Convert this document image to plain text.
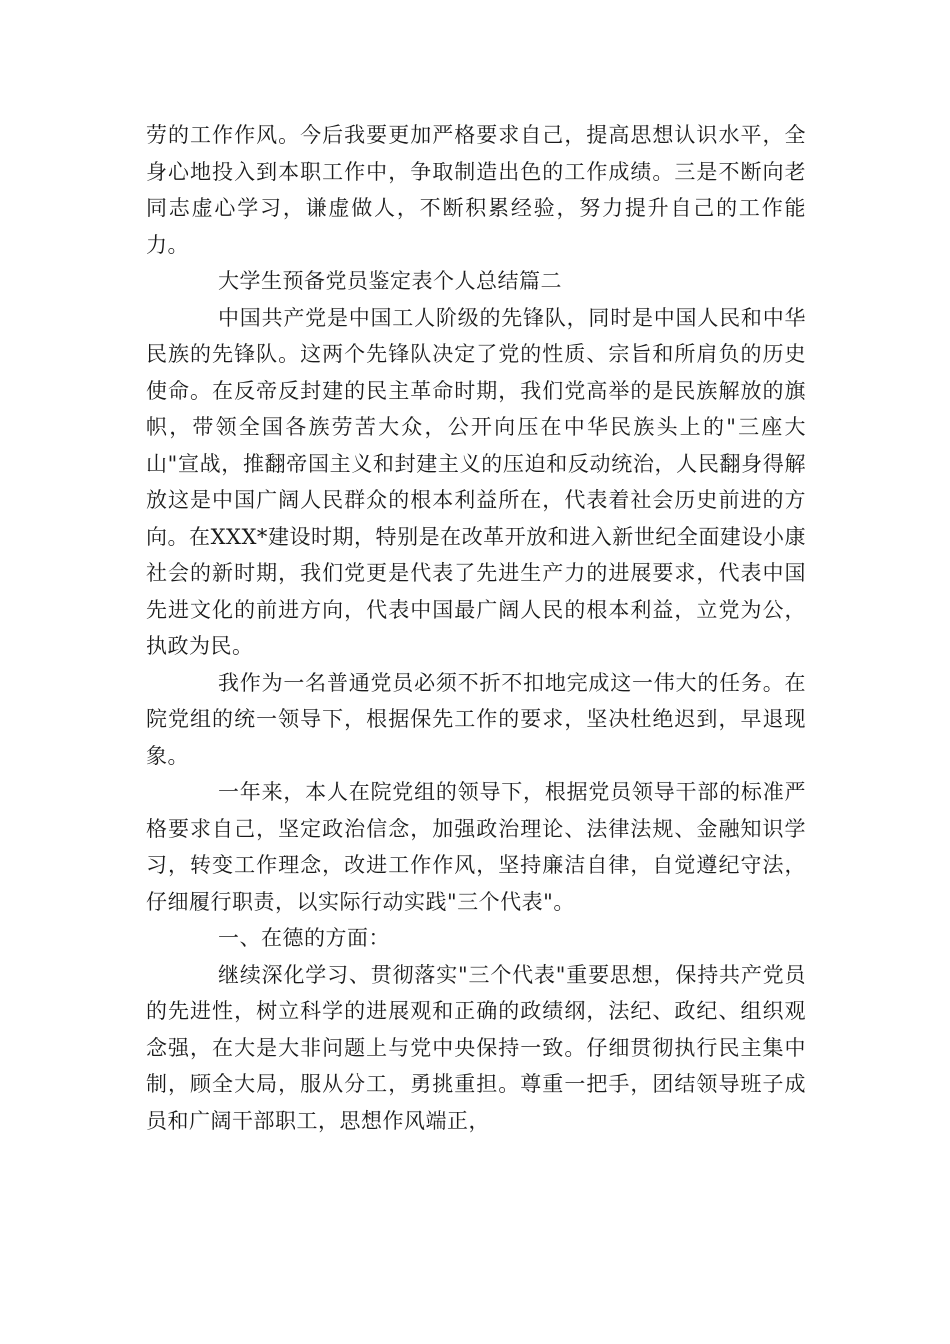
劳的工作作风。今后我要更加严格要求自己，提高思想认识水平，全身心地投入到本职工作中，争取制造出色的工作成绩。三是不断向老同志虚心学习，谦虚做人，不断积累经验，努力提升自己的工作能力。

大学生预备党员鉴定表个人总结篇二

中国共产党是中国工人阶级的先锋队，同时是中国人民和中华民族的先锋队。这两个先锋队决定了党的性质、宗旨和所肩负的历史使命。在反帝反封建的民主革命时期，我们党高举的是民族解放的旗帜，带领全国各族劳苦大众，公开向压在中华民族头上的"三座大山"宣战，推翻帝国主义和封建主义的压迫和反动统治，人民翻身得解放这是中国广阔人民群众的根本利益所在，代表着社会历史前进的方向。在XXX*建设时期，特别是在改革开放和进入新世纪全面建设小康社会的新时期，我们党更是代表了先进生产力的进展要求，代表中国先进文化的前进方向，代表中国最广阔人民的根本利益，立党为公，执政为民。

我作为一名普通党员必须不折不扣地完成这一伟大的任务。在院党组的统一领导下，根据保先工作的要求，坚决杜绝迟到，早退现象。

一年来，本人在院党组的领导下，根据党员领导干部的标准严格要求自己，坚定政治信念，加强政治理论、法律法规、金融知识学习，转变工作理念，改进工作作风，坚持廉洁自律，自觉遵纪守法，仔细履行职责，以实际行动实践"三个代表"。

一、在德的方面：

继续深化学习、贯彻落实"三个代表"重要思想，保持共产党员的先进性，树立科学的进展观和正确的政绩纲，法纪、政纪、组织观念强，在大是大非问题上与党中央保持一致。仔细贯彻执行民主集中制，顾全大局，服从分工，勇挑重担。尊重一把手，团结领导班子成员和广阔干部职工，思想作风端正，
